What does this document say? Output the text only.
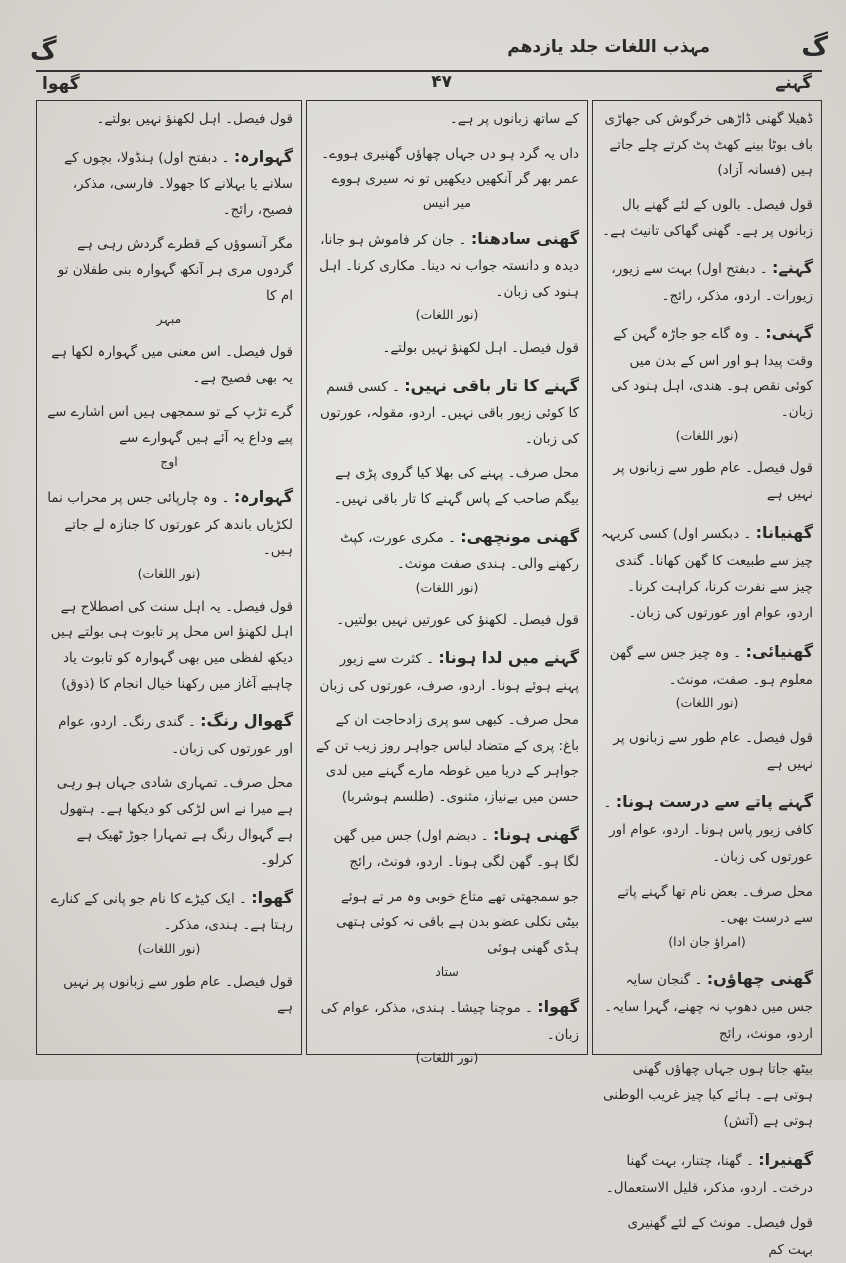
گ
مہذب اللغات جلد یازدھم
گ
گہنے
۴۷
گھوا
ڈھیلا گھنی ڈاڑھی خرگوش کی جھاڑی باف بوٹا بینے کھٹ پٹ کرتے چلے جاتے ہیں (فسانہ آزاد)
قول فیصل۔ بالوں کے لئے گھنے بال زبانوں پر ہے۔ گھنی گھاکی تانیث ہے۔
گہنے: ۔ دبفتح اول) بہت سے زیور، زیورات۔ اردو، مذکر، رائج۔
گہنی: ۔ وہ گاے جو جاڑہ گہن کے وقت پیدا ہو اور اس کے بدن میں کوئی نقص ہو۔ ھندی، اہل ہنود کی زبان۔
(نور اللغات)
قول فیصل۔ عام طور سے زبانوں پر نہیں ہے
گھنیانا: ۔ دبکسر اول) کسی کریہہ چیز سے طبیعت کا گھن کھانا۔ گندی چیز سے نفرت کرنا، کراہت کرنا۔ اردو، عوام اور عورتوں کی زبان۔
گھنیائی: ۔ وہ چیز جس سے گھن معلوم ہو۔ صفت، مونث۔
(نور اللغات)
قول فیصل۔ عام طور سے زبانوں پر نہیں ہے
گہنے پاتے سے درست ہونا: ۔ کافی زیور پاس ہونا۔ اردو، عوام اور عورتوں کی زبان۔
محل صرف۔ بعض نام تھا گہنے پاتے سے درست بھی۔
(امراؤ جان ادا)
گھنی چھاؤں: ۔ گنجان سایہ جس میں دھوپ نہ چھنے، گہرا سایہ۔ اردو، مونث، رائج
بیٹھ جاتا ہوں جہاں چھاؤں گھنی ہوتی ہے۔ ہائے کیا چیز غریب الوطنی ہوتی ہے (آتش)
گھنیرا: ۔ گھنا، چتنار، بہت گھنا درخت۔ اردو، مذکر، قلیل الاستعمال۔
قول فیصل۔ مونث کے لئے گھنیری بہت کم
کے ساتھ زبانوں پر ہے۔
داں یہ گرد ہو دں جہاں چھاؤں گھنیری ہووے۔ عمر بھر گر آنکھیں دیکھیں تو نہ سیری ہووے
میر انیس
گھنی سادھنا: ۔ جان کر فاموش ہو جانا، دیدہ و دانستہ جواب نہ دینا۔ مکاری کرنا۔ اہل ہنود کی زبان۔
(نور اللغات)
قول فیصل۔ اہل لکھنؤ نہیں بولتے۔
گہنے کا تار باقی نہیں: ۔ کسی قسم کا کوئی زیور باقی نہیں۔ اردو، مقولہ، عورتوں کی زبان۔
محل صرف۔ پہنے کی بھلا کیا گروی پڑی ہے بیگم صاحب کے پاس گہنے کا تار باقی نہیں۔
گھنی مونچھی: ۔ مکری عورت، کپٹ رکھنے والی۔ ہندی صفت مونث۔
(نور اللغات)
قول فیصل۔ لکھنؤ کی عورتیں نہیں بولتیں۔
گہنے میں لدا ہونا: ۔ کثرت سے زیور پہنے ہوئے ہونا۔ اردو، صرف، عورتوں کی زبان
محل صرف۔ کبھی سو پری زادحاجت ان کے باغ: پری کے متضاد لباس جواہر روز زیب تن کے جواہر کے دریا میں غوطہ مارے گہنے میں لدی حسن میں بےنیاز، مثنوی۔ (طلسم ہوشربا)
گھنی ہونا: ۔ دبضم اول) جس میں گھن لگا ہو۔ گھن لگی ہونا۔ اردو، فونٹ، رائج
جو سمجھتی تھے متاع خوبی وہ مر تے ہوئے بیٹی نکلی عضو بدن ہے باقی نہ کوئی ہتھی ہڈی گھنی ہوئی
ستاد
گھوا: ۔ موچنا چیشا۔ ہندی، مذکر، عوام کی زبان۔
(نور اللغات)
قول فیصل۔ اہل لکھنؤ نہیں بولتے۔
گہوارہ: ۔ دبفتح اول) ہنڈولا، بچوں کے سلانے یا بہلانے کا جھولا۔ فارسی، مذکر، فصیح، رائج۔
مگر آنسوؤں کے قطرے گردش رہی ہے گردوں مری ہر آنکھ گہوارہ بنی طفلان تو ام کا
مبہر
قول فیصل۔ اس معنی میں گہوارہ لکھا ہے یہ بھی فصیح ہے۔
گرے تڑپ کے تو سمجھی ہیں اس اشارے سے پیے وداع یہ آئے ہیں گہوارے سے
اوج
گہوارہ: ۔ وہ چارپائی جس پر محراب نما لکڑیاں باندھ کر عورتوں کا جنازہ لے جاتے ہیں۔
(نور اللغات)
قول فیصل۔ یہ اہل سنت کی اصطلاح ہے اہل لکھنؤ اس محل پر تابوت ہی بولتے ہیں دیکھ لفظی میں بھی گہوارہ کو تابوت یاد چاہیے آغاز میں رکھنا خیال انجام کا (ذوق)
گھوال رنگ: ۔ گندی رنگ۔ اردو، عوام اور عورتوں کی زبان۔
محل صرف۔ تمہاری شادی جہاں ہو رہی ہے میرا نے اس لڑکی کو دیکھا ہے۔ ہتھول ہے گہوال رنگ ہے تمہارا جوڑ ٹھیک ہے کرلو۔
گھوا: ۔ ایک کیڑے کا نام جو پانی کے کنارے رہتا ہے۔ ہندی، مذکر۔
(نور اللغات)
قول فیصل۔ عام طور سے زبانوں پر نہیں ہے
